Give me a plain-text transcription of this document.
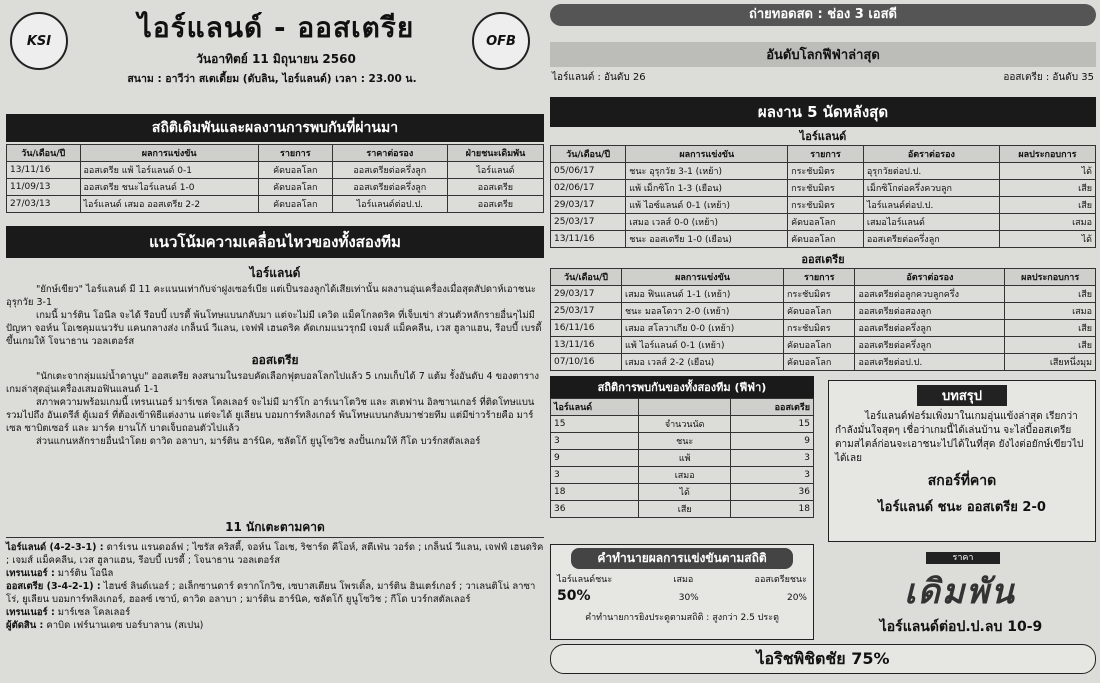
KSI	ไอร์แลนด์ - ออสเตรีย
วันอาทิตย์ 11 มิถุนายน 2560
สนาม : อาวีว่า สเตเดี้ยม (ดับลิน, ไอร์แลนด์) เวลา : 23.00 น.
OFB
สถิติเดิมพันและผลงานการพบกันที่ผ่านมา
วัน/เดือน/ปี	ผลการแข่งขัน	รายการ	ราคาต่อรอง	ฝ่ายชนะเดิมพัน
13/11/16	ออสเตรีย แพ้ ไอร์แลนด์ 0-1	คัดบอลโลก	ออสเตรียต่อครึ่งลูก	ไอร์แลนด์
11/09/13	ออสเตรีย ชนะไอร์แลนด์ 1-0	คัดบอลโลก	ออสเตรียต่อครึ่งลูก	ออสเตรีย
27/03/13	ไอร์แลนด์ เสมอ ออสเตรีย 2-2	คัดบอลโลก	ไอร์แลนด์ต่อป.ป.	ออสเตรีย
แนวโน้มความเคลื่อนไหวของทั้งสองทีม
ไอร์แลนด์

"ยักษ์เขียว" ไอร์แลนด์ มี 11 คะแนนเท่ากับจ่าฝูงเซอร์เบีย แต่เป็นรองลูกได้เสียเท่านั้น ผลงานอุ่นเครื่องเมื่อสุดสัปดาห์เอาชนะ อุรุกวัย 3-1

เกมนี้ มาร์ติน โอนีล จะได้ รีอบบี้ เบรดี้ พ้นโทษแบนกลับมา แต่จะไม่มี เควิด แม็คโกลดริค ที่เจ็บเข่า ส่วนตัวหลักรายอื่นๆไม่มีปัญหา จอห์น โอเชคุมแนวรับ แคนกลางส่ง เกล็นน์ วีแลน, เจฟฟ์ เฮนดริค คัดเกมแนวรุกมี เจมส์ แม็คคลีน, เวส ฮูลาแฮน, รีอบบี้ เบรดี้ ขึ้นเกมให้ โจนาธาน วอลเตอร์ส

ออสเตรีย

"นักเตะจากลุ่มแม่น้ำดานูบ" ออสเตรีย ลงสนามในรอบคัดเลือกฟุตบอลโลกไปแล้ว 5 เกมเก็บได้ 7 แต้ม รั้งอันดับ 4 ของตาราง เกมล่าสุดอุ่นเครื่องเสมอฟินแลนด์ 1-1

สภาพความพร้อมเกมนี้ เทรนเนอร์ มาร์เซล โคลเลอร์ จะไม่มี มาร์โก อาร์เนาโตวิช และ สเตฟาน อิลซานเกอร์ ที่ติดโทษแบน รวมไปถึง อันเดรีส์ ดู้เมอร์ ที่ต้องเข้าพิธีแต่งงาน แต่จะได้ ยูเลียน บอมการ์ทลิงเกอร์ พ้นโทษแบนกลับมาช่วยทีม แต่มีข่าวร้ายคือ มาร์เซล ซาบิตเซอร์ และ มาร์ค ยานโก้ บาดเจ็บถอนตัวไปแล้ว

ส่วนแกนหลักรายอื่นนำโดย ดาวิด อลาบา, มาร์ติน ฮาร์นิค, ซลัตโก้ ยูนูโซวิช ลงปั้นเกมให้ กีโด บวร์กสตัลเลอร์

11 นักเตะตามคาด

ไอร์แลนด์ (4-2-3-1) : ดาร์เรน แรนดอล์ฟ ; ไซรัส คริสตี้, จอห์น โอเช, ริชาร์ด คีโอห์, สตีเฟ่น วอร์ด ; เกล็นน์ วีแลน, เจฟฟ์ เฮนดริค ; เจมส์ แม็คคลีน, เวส ฮูลาแฮน, รีอบบี้ เบรดี้ ; โจนาธาน วอลเตอร์ส

เทรนเนอร์ : มาร์ติน โอนีล

ออสเตรีย (3-4-2-1) : ไฮนซ์ ลินด์เนอร์ ; อเล็กซานดาร์ ดรากโกวิช, เซบาสเตียน โพรเดิ้ล, มาร์ติน ฮินเตร์เกอร์ ; วาเลนติโน่ ลาซาโร่, ยูเลียน บอมการ์ทลิงเกอร์, ฮอลซ์ เซาบ์, ดาวิด อลาบา ; มาร์ติน ฮาร์นิค, ซลัตโก้ ยูนูโซวิช ; กีโด บวร์กสตัลเลอร์

เทรนเนอร์ : มาร์เซล โคลเลอร์

ผู้ตัดสิน : คาบิด เฟร์นานเดซ บอร์บาลาน (สเปน)

ถ่ายทอดสด : ช่อง 3 เอสดี
อันดับโลกฟีฟ่าล่าสุด
ไอร์แลนด์ : อันดับ 26	ออสเตรีย : อันดับ 35
ผลงาน 5 นัดหลังสุด
ไอร์แลนด์
วัน/เดือน/ปี	ผลการแข่งขัน	รายการ	อัตราต่อรอง	ผลประกอบการ
05/06/17	ชนะ อุรุกวัย 3-1 (เหย้า)	กระชับมิตร	อุรุกวัยต่อป.ป.	ได้
02/06/17	แพ้ เม็กซิโก 1-3 (เยือน)	กระชับมิตร	เม็กซิโกต่อครึ่งควบลูก	เสีย
29/03/17	แพ้ ไอซ์แลนด์ 0-1 (เหย้า)	กระชับมิตร	ไอร์แลนด์ต่อป.ป.	เสีย
25/03/17	เสมอ เวลส์ 0-0 (เหย้า)	คัดบอลโลก	เสมอไอร์แลนด์	เสมอ
13/11/16	ชนะ ออสเตรีย 1-0 (เยือน)	คัดบอลโลก	ออสเตรียต่อครึ่งลูก	ได้
ออสเตรีย
วัน/เดือน/ปี	ผลการแข่งขัน	รายการ	อัตราต่อรอง	ผลประกอบการ
29/03/17	เสมอ ฟินแลนด์ 1-1 (เหย้า)	กระชับมิตร	ออสเตรียต่อลูกควบลูกครึ่ง	เสีย
25/03/17	ชนะ มอลโดวา 2-0 (เหย้า)	คัดบอลโลก	ออสเตรียต่อสองลูก	เสมอ
16/11/16	เสมอ สโลวาเกีย 0-0 (เหย้า)	กระชับมิตร	ออสเตรียต่อครึ่งลูก	เสีย
13/11/16	แพ้ ไอร์แลนด์ 0-1 (เหย้า)	คัดบอลโลก	ออสเตรียต่อครึ่งลูก	เสีย
07/10/16	เสมอ เวลส์ 2-2 (เยือน)	คัดบอลโลก	ออสเตรียต่อป.ป.	เสียหนึ่งมุม
สถิติการพบกันของทั้งสองทีม (ฟีฟ่า)
ไอร์แลนด์		ออสเตรีย
15	จำนวนนัด	15
3	ชนะ	9
9	แพ้	3
3	เสมอ	3
18	ได้	36
36	เสีย	18
คำทำนายผลการแข่งขันตามสถิติ
ไอร์แลนด์ชนะ	เสมอ	ออสเตรียชนะ
50%	30%	20%
คำทำนายการยิงประตูตามสถิติ : สูงกว่า 2.5 ประตู
บทสรุป

ไอร์แลนด์ฟอร์มเพิ่งมาในเกมอุ่นแข้งล่าสุด เรียกว่ากำลังมั่นใจสุดๆ เชื่อว่าเกมนี้ได้เล่นบ้าน จะไล่บี้ออสเตรียตามสไตล์ก่อนจะเอาชนะไปได้ในที่สุด ยังไงต่อยักษ์เขียวไปได้เลย

สกอร์ที่คาด
ไอร์แลนด์ ชนะ ออสเตรีย 2-0
ราคา
เดิมพัน
ไอร์แลนด์ต่อป.ป.ลบ 10-9
ไอริชพิชิตชัย 75%
